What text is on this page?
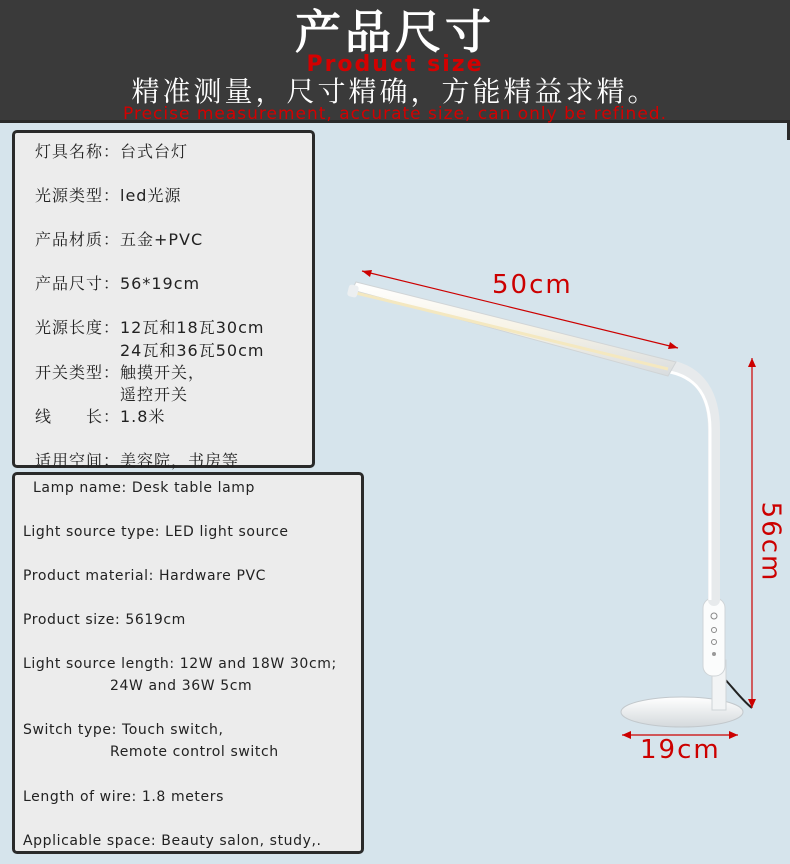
产品尺寸
Product size
精准测量，尺寸精确，方能精益求精。
Precise measurement, accurate size, can only be refined.
灯具名称：台式台灯
光源类型：led光源
产品材质：五金+PVC
产品尺寸：56*19cm
光源长度：12瓦和18瓦30cm
　　　　　24瓦和36瓦50cm
开关类型：触摸开关，
　　　　　遥控开关
线　　长：1.8米
适用空间：美容院，书房等
Lamp name: Desk table lamp
Light source type: LED light source
Product material: Hardware PVC
Product size: 5619cm
Light source length: 12W and 18W 30cm;
24W and 36W 5cm
Switch type: Touch switch,
Remote control switch
Length of wire: 1.8 meters
Applicable space: Beauty salon, study,.
50cm
56cm
19cm
